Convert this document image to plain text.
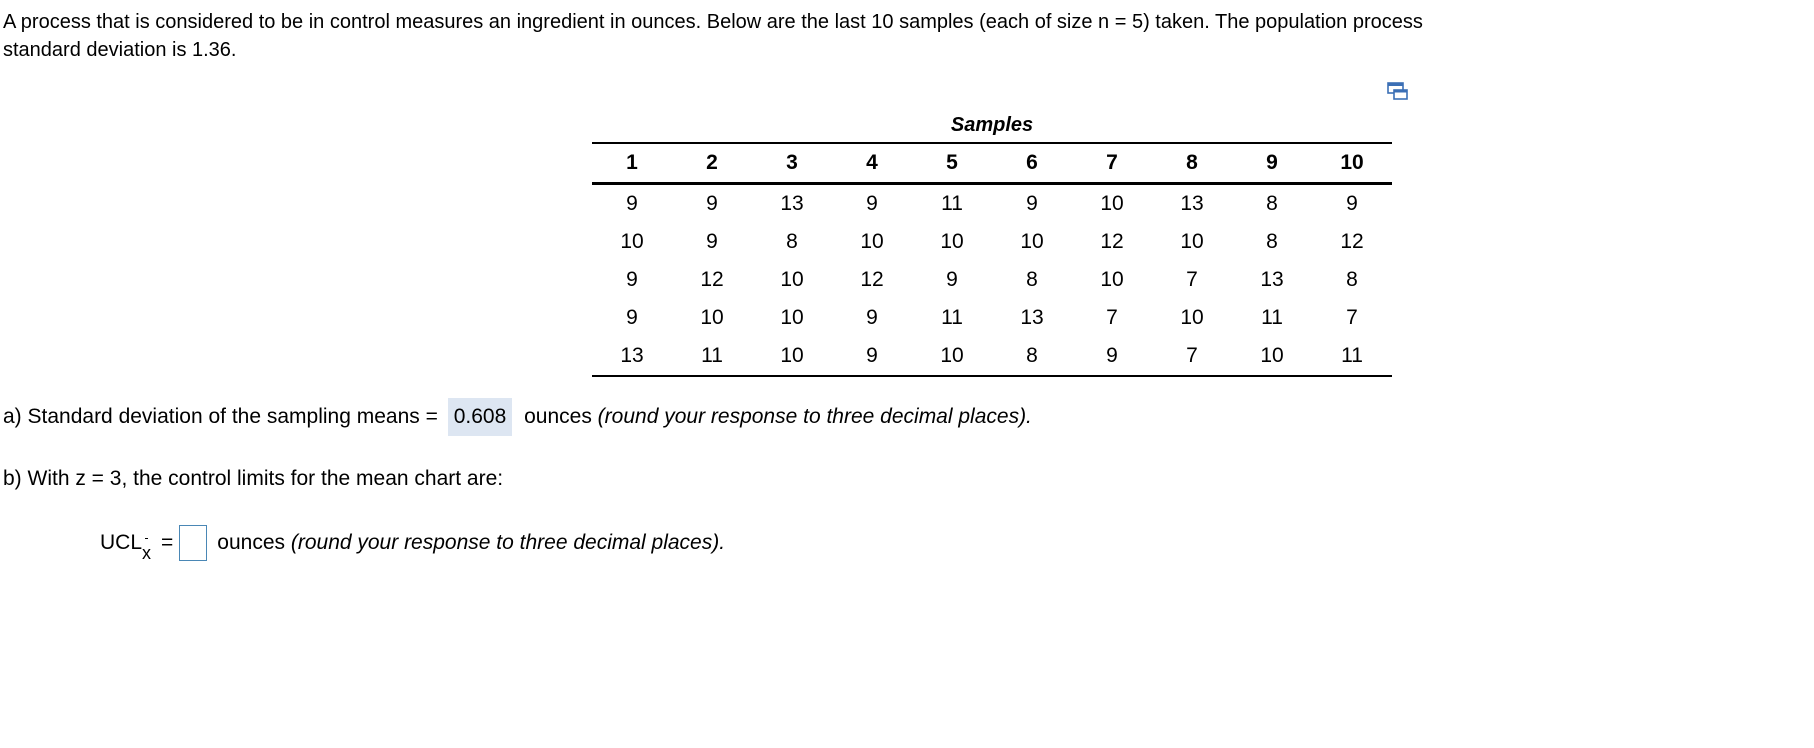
A process that is considered to be in control measures an ingredient in ounces. Below are the last 10 samples (each of size n = 5) taken. The population process
standard deviation is 1.36.
Samples
1	2	3	4	5	6	7	8	9	10
9	9	13	9	11	9	10	13	8	9
10	9	8	10	10	10	12	10	8	12
9	12	10	12	9	8	10	7	13	8
9	10	10	9	11	13	7	10	11	7
13	11	10	9	10	8	9	7	10	11
a) Standard deviation of the sampling means = 0.608 ounces (round your response to three decimal places).
b) With z = 3, the control limits for the mean chart are:
UCLx = ounces
(round your response to three decimal places).
